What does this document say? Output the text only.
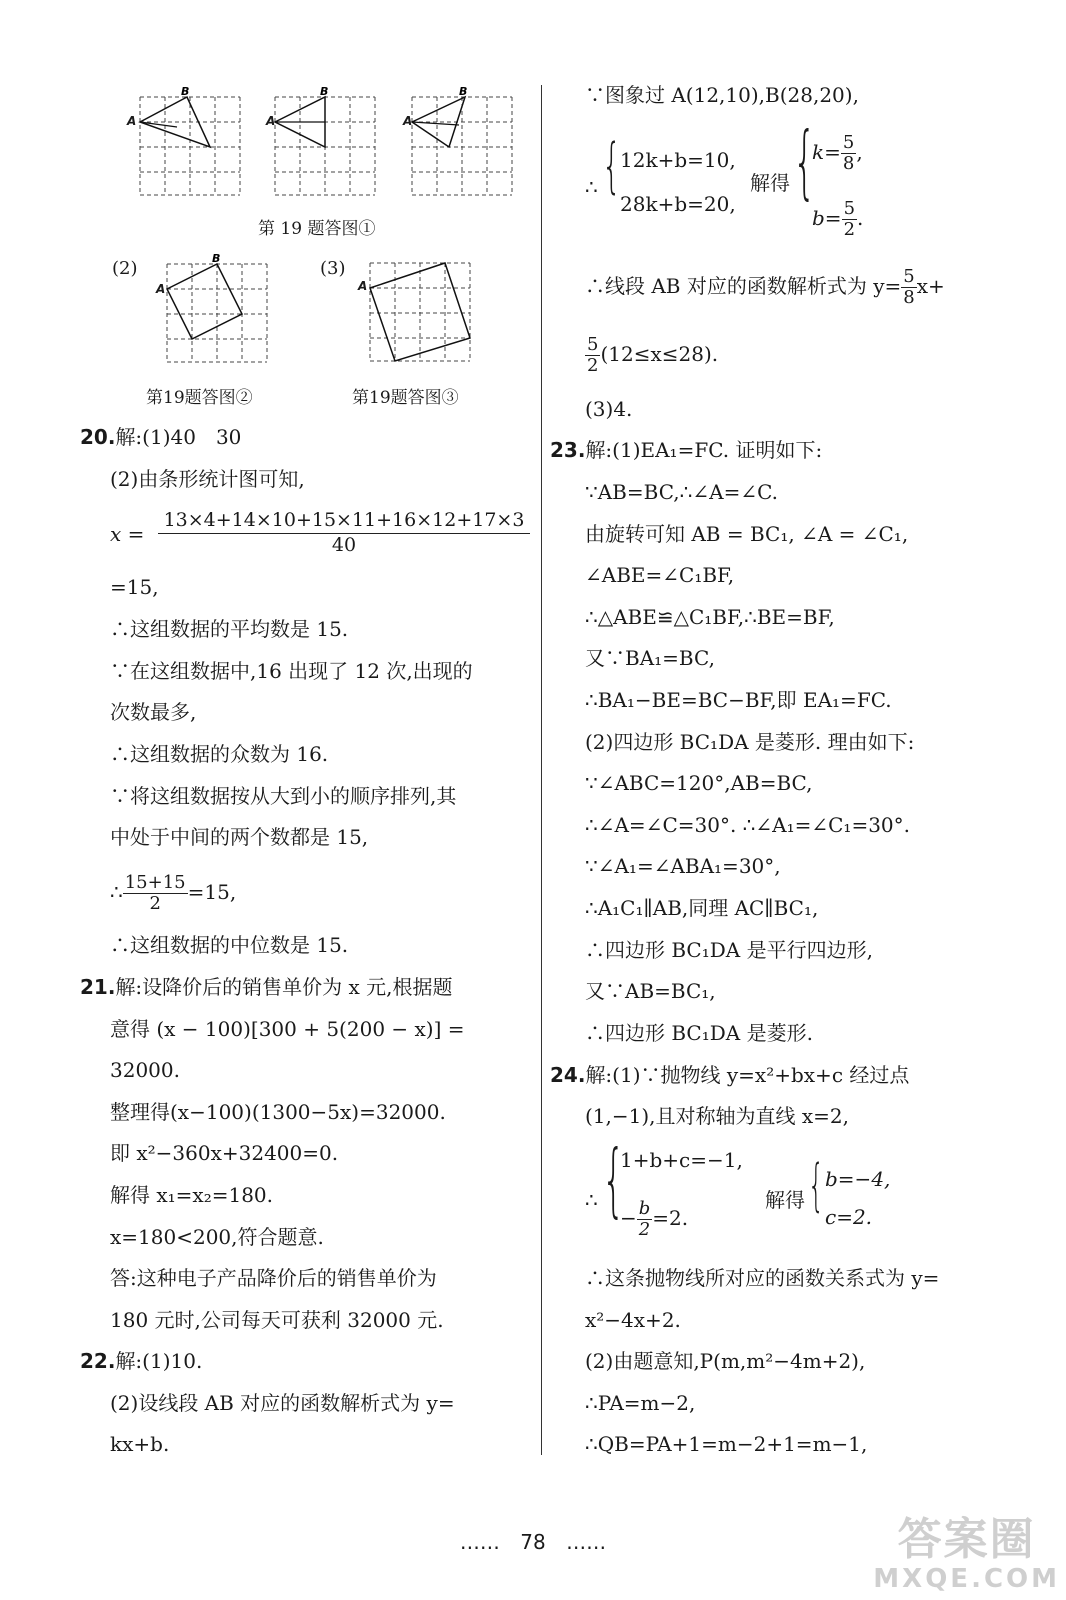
B
A
B
A
B
A
第 19 题答图①
(2)	B
A
(3)
A
第19题答图②	第19题答图③
20.解:(1)40　30
(2)由条形统计图可知,
$x = \frac{13\times 4+14\times 10+15\times 11+16\times 12+17\times 3}{40}$
=15,
∴这组数据的平均数是 15.
∵在这组数据中,16 出现了 12 次,出现的
次数最多,
∴这组数据的众数为 16.
∵将这组数据按从大到小的顺序排列,其
中处于中间的两个数都是 15,
∴ $\frac{15+15}{2} =15$,
∴这组数据的中位数是 15.
21.解:设降价后的销售单价为 x 元,根据题
意得 (x − 100)[300 + 5(200 − x)] =
32000.
整理得(x−100)(1300−5x)=32000.
即 x²−360x+32400=0.
解得 x₁=x₂=180.
x=180<200,符合题意.
答:这种电子产品降价后的销售单价为
180 元时,公司每天可获利 32000 元.
22.解:(1)10.
(2)设线段 AB 对应的函数解析式为 y=
kx+b.
∵图象过 A(12,10),B(28,20),
∴ {
12k+b=10,
28k+b=20,
解得 {
$k= \frac{5}{8}$ ,
$b= \frac{5}{2}$ .
∴线段 AB 对应的函数解析式为 $y= \frac{5}{8} x+$
$\frac{5}{2} (12\le x\le 28)$.
(3)4.
23.解:(1)EA₁=FC. 证明如下:
∵AB=BC,∴∠A=∠C.
由旋转可知 AB = BC₁, ∠A = ∠C₁,
∠ABE=∠C₁BF,
∴△ABE≌△C₁BF,∴BE=BF,
又∵BA₁=BC,
∴BA₁−BE=BC−BF,即 EA₁=FC.
(2)四边形 BC₁DA 是菱形. 理由如下:
∵∠ABC=120°,AB=BC,
∴∠A=∠C=30°. ∴∠A₁=∠C₁=30°.
∵∠A₁=∠ABA₁=30°,
∴A₁C₁∥AB,同理 AC∥BC₁,
∴四边形 BC₁DA 是平行四边形,
又∵AB=BC₁,
∴四边形 BC₁DA 是菱形.
24.解:(1)∵抛物线 y=x²+bx+c 经过点
(1,−1),且对称轴为直线 x=2,
∴ {
1+b+c=−1,
− $\frac{b}{2} =2$.
解得 { b=−4,
c=2.
∴这条抛物线所对应的函数关系式为 y=
x²−4x+2.
(2)由题意知,P(m,m²−4m+2),
∴PA=m−2,
∴QB=PA+1=m−2+1=m−1,
…… 78 ……	答案圈
MXQE.COM
